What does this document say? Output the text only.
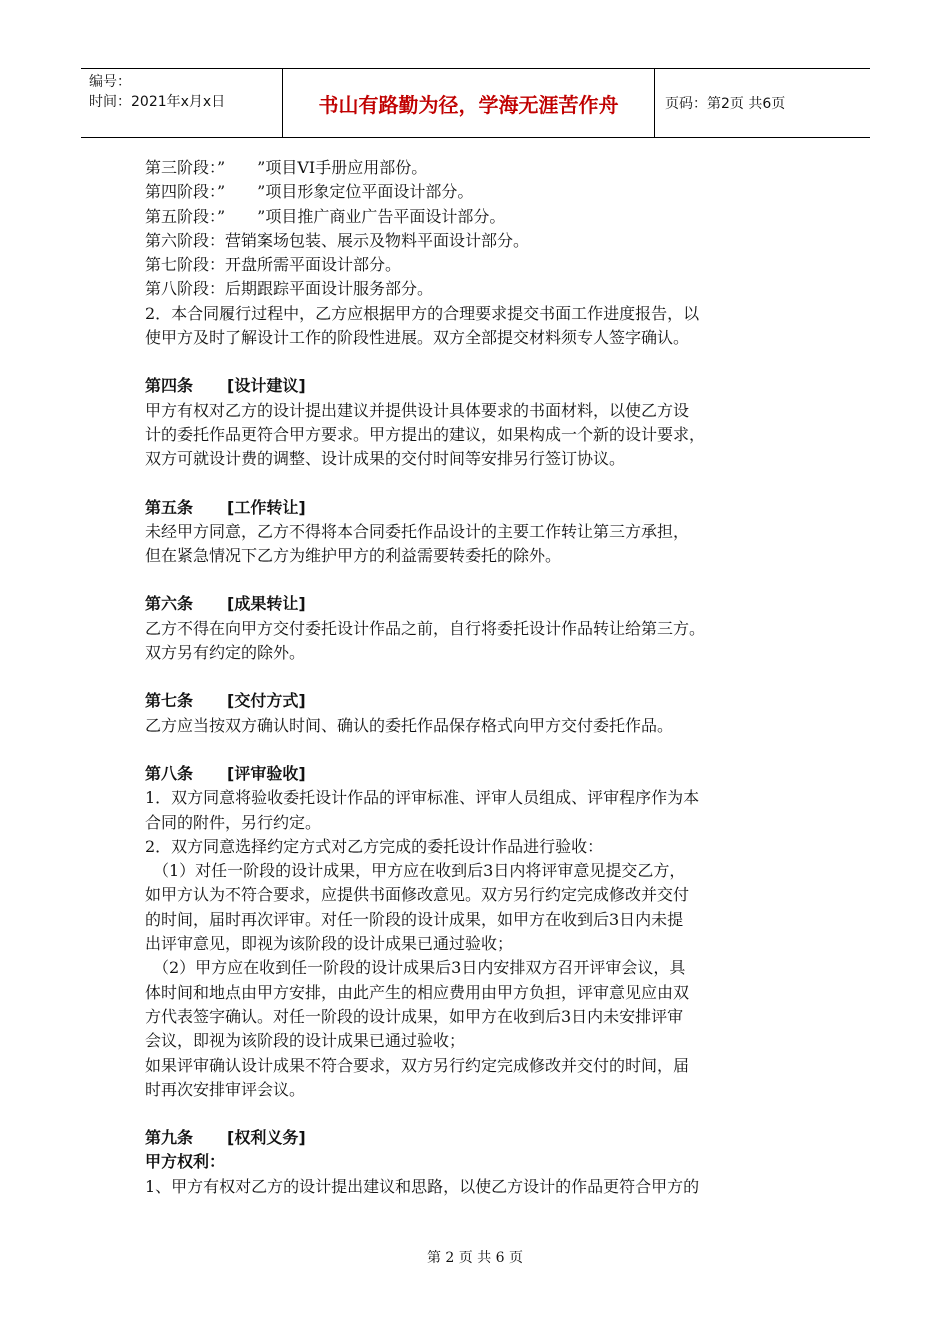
编号：
时间：2021年x月x日	书山有路勤为径，学海无涯苦作舟	页码：第2页 共6页
第三阶段：”　　”项目VI手册应用部份。
第四阶段：”　　”项目形象定位平面设计部分。
第五阶段：”　　”项目推广商业广告平面设计部分。
第六阶段：营销案场包装、展示及物料平面设计部分。
第七阶段：开盘所需平面设计部分。
第八阶段：后期跟踪平面设计服务部分。
2．本合同履行过程中，乙方应根据甲方的合理要求提交书面工作进度报告，以
使甲方及时了解设计工作的阶段性进展。双方全部提交材料须专人签字确认。
第四条 [设计建议]
甲方有权对乙方的设计提出建议并提供设计具体要求的书面材料，以使乙方设
计的委托作品更符合甲方要求。甲方提出的建议，如果构成一个新的设计要求，
双方可就设计费的调整、设计成果的交付时间等安排另行签订协议。
第五条 [工作转让]
未经甲方同意，乙方不得将本合同委托作品设计的主要工作转让第三方承担，
但在紧急情况下乙方为维护甲方的利益需要转委托的除外。
第六条 [成果转让]
乙方不得在向甲方交付委托设计作品之前，自行将委托设计作品转让给第三方。
双方另有约定的除外。
第七条 [交付方式]
乙方应当按双方确认时间、确认的委托作品保存格式向甲方交付委托作品。
第八条 [评审验收]
1．双方同意将验收委托设计作品的评审标准、评审人员组成、评审程序作为本
合同的附件，另行约定。
2．双方同意选择约定方式对乙方完成的委托设计作品进行验收：
　（1）对任一阶段的设计成果，甲方应在收到后3日内将评审意见提交乙方，
如甲方认为不符合要求，应提供书面修改意见。双方另行约定完成修改并交付
的时间，届时再次评审。对任一阶段的设计成果，如甲方在收到后3日内未提
出评审意见，即视为该阶段的设计成果已通过验收；
　（2）甲方应在收到任一阶段的设计成果后3日内安排双方召开评审会议，具
体时间和地点由甲方安排，由此产生的相应费用由甲方负担，评审意见应由双
方代表签字确认。对任一阶段的设计成果，如甲方在收到后3日内未安排评审
会议，即视为该阶段的设计成果已通过验收；
如果评审确认设计成果不符合要求，双方另行约定完成修改并交付的时间，届
时再次安排审评会议。
第九条 [权利义务]
甲方权利：
1、甲方有权对乙方的设计提出建议和思路，以使乙方设计的作品更符合甲方的
第 2 页 共 6 页
